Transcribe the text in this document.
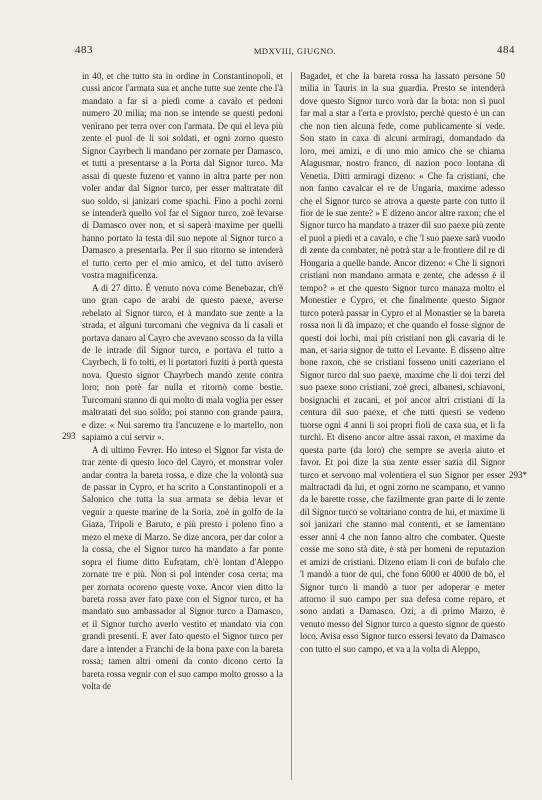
483	MDXVIII, GIUGNO.	484
293
293*

in 40, et che tutto sta in ordine in Constantinopoli, et cussì ancor l'armata sua et anche tutte sue zente che l'à mandato a far sì a piedi come a cavalo et pedoni numero 20 milia; ma non se intende se questi pedoni venirano per terra over con l'armata. De qui el leva più zente el puol de li soi soldati, et ogni zorno questo Signor Cayrbech li mandano per zornate per Damasco, et tutti a presentarse a la Porta dal Signor turco. Ma assai di queste fuzeno et vanno in altra parte per non voler andar dal Signor turco, per esser maltratate dil suo soldo, si janizari come spachi. Fino a pochi zorni se intenderà quello vol far el Signor turco, zoè levarse di Damasco over non, et si saperà maxime per quelli hanno portato la testa dil suo nepote al Signor turco a Damasco a presentarla. Per il suo ritorno se intenderà el tutto certo per el mio amico, et del tutto aviserò vostra magnificenza.

A dì 27 ditto. È venuto nova come Benebazar, ch'è uno gran capo de arabi de questo paexe, averse rebelato al Signor turco, et à mandato sue zente a la strada, et alguni turcomani che vegniva da li casali et portava danaro al Cayro che avevano scosso da la villa de le intrade dil Signor turco, e portava el tutto a Cayrbech, li fo tolti, et li portatori fuziti à portà questa nova. Questo signor Chayrbech mandò zente contra loro; non potè far nulla et ritornò come bestie. Turcomani stanno di qui molto di mala voglia per esser maltratati del suo soldo; poi stanno con grande paura, e dize: « Nui saremo tra l'ancuzene e lo martello, non sapiamo a cui servir ».

A dì ultimo Fevrer. Ho inteso el Signor far vista de trar zente di questo loco del Cayro, et monstrar voler andar contra la bareta rossa, e dize che la volontà sua de passar in Cypro, et ha scrito a Constantinopoli et a Salonico che tutta la sua armata se debia levar et vegnir a queste marine de la Soria, zoè in golfo de la Giaza, Tripoli e Baruto, e più presto i poleno fino a mezo el mexe di Marzo. Se dize ancora, per dar color a la cossa, che el Signor turco ha mandato a far ponte sopra el fiume ditto Eufratam, ch'è lontan d'Aleppo zornate tre e più. Non si pol intender cosa certa; ma per zornata ocoreno queste voxe. Ancor vien ditto la bareta rossa aver fato paxe con el Signor turco, et ha mandato suo ambassador al Signor turco a Damasco, et il Signor turcho averlo vestito et mandato via con grandi presenti. E aver fato questo el Signor turco per dare a intender a Franchi de la bona paxe con la bareta rossa; tamen altri omeni da conto dicono certo la bareta rossa vegnir con el suo campo molto grosso a la volta de

Bagadet, et che la bareta rossa ha lassato persone 50 milia in Tauris in la sua guardia. Presto se intenderà dove questo Signor turco vorà dar la bota: non si puol far mal a star a l'erta e provisto, perchè questo è un can che non tien alcuna fede, come publicamente si vede. Son stato in caxa di alcuni armiragi, domandado da loro, mei amizi, e di uno mio amico che se chiama Alagusmar, nostro franco, di nazion poco lontana di Venetia. Ditti armiragi dizeno: « Che fa cristiani, che non fanno cavalcar el re de Ungaria, maxime adesso che el Signor turco se atrova a queste parte con tutto il fior de le sue zente? » E dizeno ancor altre raxon; che el Signor turco ha mandato a trazer dil suo paexe più zente el puol a piedi et a cavalo, e che 'l suo paexe sarà vuodo di zente da combater, nè potrà star a le frontiere dil re di Hongaria a quelle bande. Ancor dizeno: « Che li signori cristiani non mandano armata e zente, che adesso è il tempo? » et che questo Signor turco manaza molto el Monestier e Cypro, et che finalmente questo Signor turco poterà passar in Cypro et al Monastier se la bareta rossa non li dà impazo; et che quando el fosse signor de questi doi lochi, mai più cristiani non gli cavaria di le man, et saria signor de tutto el Levante. E disseno altre bone raxon, che se cristiani fosseno uniti cazeriano el Signor turco dal suo paexe, maxime che li doi terzi del suo paexe sono cristiani, zoè greci, albanesi, schiavoni, bosignachi et zucani, et poi ancor altri cristiani di la centura dil suo paexe, et che tutti questi se vedeno tuorse ogni 4 anni li soi propri fioli de caxa sua, et li fa turchi. Et diseno ancor altre assai raxon, et maxime da questa parte (da loro) che sempre se averia aiuto et favor. Et poi dize la sua zente esser sazia dil Signor turco et servono mal volentiera el suo Signor per esser maltractadi da lui, et ogni zorno ne scampano, et vanno da le barette rosse, che fazilmente gran parte di le zente dil Signor turco se voltariano contra de lui, et maxime li soi janizari che stanno mal contenti, et se lamentano esser anni 4 che non fanno altro che combater. Queste cosse me sono stà dite, è stà per homeni de reputazion et amizi de cristiani. Dizeno etiam li cori de bufalo che 'l mandò a tuor de qui, che fono 6000 et 4000 de bò, el Signor turco li mandò a tuor per adoperar e meter attorno il suo campo per sua defesa come reparo, et sono andati a Damasco. Ozi, a dì primo Marzo, è venuto messo del Signor turco a questo signor de questo loco. Avisa esso Signor turco essersi levato da Damasco con tutto el suo campo, et va a la volta di Aleppo,
